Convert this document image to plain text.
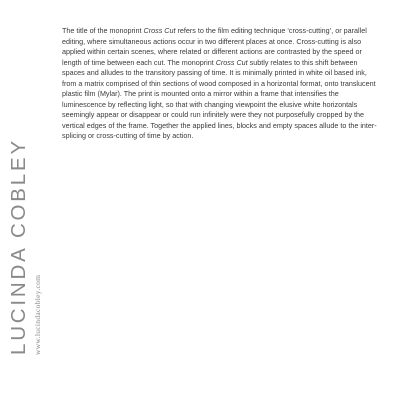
The title of the monoprint Cross Cut refers to the film editing technique ‘cross-cutting’, or parallel editing, where simultaneous actions occur in two different places at once. Cross-cutting is also applied within certain scenes, where related or different actions are contrasted by the speed or length of time between each cut. The monoprint Cross Cut subtly relates to this shift between spaces and alludes to the transitory passing of time. It is minimally printed in white oil based ink, from a matrix comprised of thin sections of wood composed in a horizontal format, onto translucent plastic film (Mylar). The print is mounted onto a mirror within a frame that intensifies the luminescence by reflecting light, so that with changing viewpoint the elusive white horizontals seemingly appear or disappear or could run infinitely were they not purposefully cropped by the vertical edges of the frame. Together the applied lines, blocks and empty spaces allude to the inter-splicing or cross-cutting of time by action.

LUCINDA COBLEY www.lucindacobley.com
